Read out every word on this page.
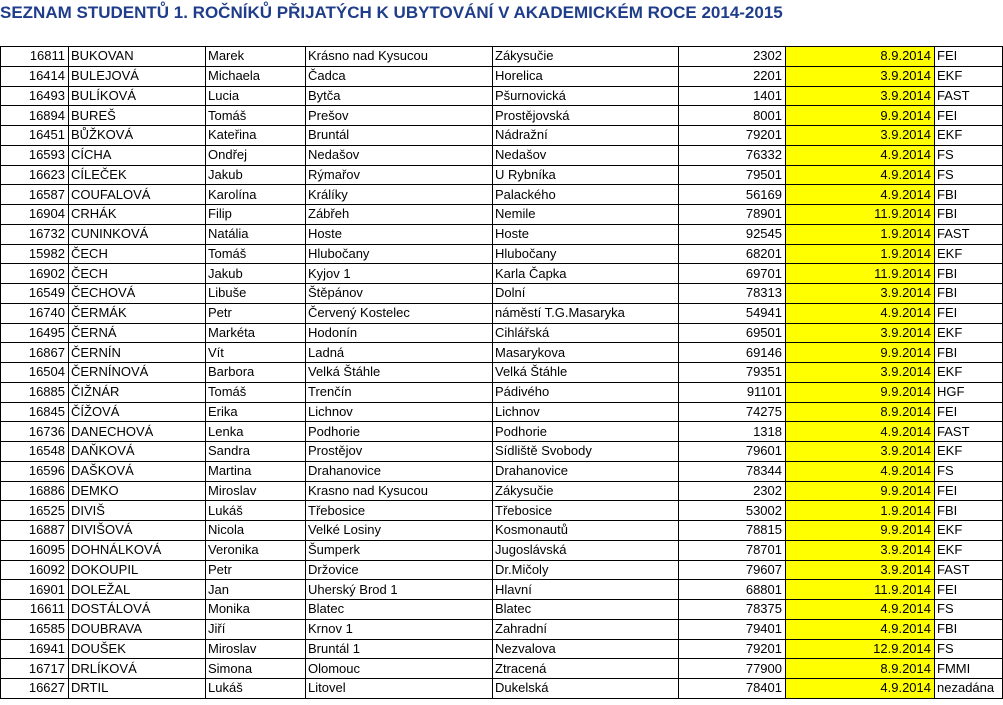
SEZNAM STUDENTŮ 1. ROČNÍKŮ PŘIJATÝCH K UBYTOVÁNÍ V AKADEMICKÉM ROCE 2014-2015
16811	BUKOVAN	Marek	Krásno nad Kysucou	Zákysučie	2302	8.9.2014	FEI
16414	BULEJOVÁ	Michaela	Čadca	Horelica	2201	3.9.2014	EKF
16493	BULÍKOVÁ	Lucia	Bytča	Pšurnovická	1401	3.9.2014	FAST
16894	BUREŠ	Tomáš	Prešov	Prostějovská	8001	9.9.2014	FEI
16451	BŮŽKOVÁ	Kateřina	Bruntál	Nádražní	79201	3.9.2014	EKF
16593	CÍCHA	Ondřej	Nedašov	Nedašov	76332	4.9.2014	FS
16623	CÍLEČEK	Jakub	Rýmařov	U Rybníka	79501	4.9.2014	FS
16587	COUFALOVÁ	Karolína	Králíky	Palackého	56169	4.9.2014	FBI
16904	CRHÁK	Filip	Zábřeh	Nemile	78901	11.9.2014	FBI
16732	CUNINKOVÁ	Natália	Hoste	Hoste	92545	1.9.2014	FAST
15982	ČECH	Tomáš	Hlubočany	Hlubočany	68201	1.9.2014	EKF
16902	ČECH	Jakub	Kyjov 1	Karla Čapka	69701	11.9.2014	FBI
16549	ČECHOVÁ	Libuše	Štěpánov	Dolní	78313	3.9.2014	FBI
16740	ČERMÁK	Petr	Červený Kostelec	náměstí T.G.Masaryka	54941	4.9.2014	FEI
16495	ČERNÁ	Markéta	Hodonín	Cihlářská	69501	3.9.2014	EKF
16867	ČERNÍN	Vít	Ladná	Masarykova	69146	9.9.2014	FBI
16504	ČERNÍNOVÁ	Barbora	Velká Štáhle	Velká Štáhle	79351	3.9.2014	EKF
16885	ČIŽNÁR	Tomáš	Trenčín	Pádivého	91101	9.9.2014	HGF
16845	ČÍŽOVÁ	Erika	Lichnov	Lichnov	74275	8.9.2014	FEI
16736	DANECHOVÁ	Lenka	Podhorie	Podhorie	1318	4.9.2014	FAST
16548	DAŇKOVÁ	Sandra	Prostějov	Sídliště Svobody	79601	3.9.2014	EKF
16596	DAŠKOVÁ	Martina	Drahanovice	Drahanovice	78344	4.9.2014	FS
16886	DEMKO	Miroslav	Krasno nad Kysucou	Zákysučie	2302	9.9.2014	FEI
16525	DIVIŠ	Lukáš	Třebosice	Třebosice	53002	1.9.2014	FBI
16887	DIVIŠOVÁ	Nicola	Velké Losiny	Kosmonautů	78815	9.9.2014	EKF
16095	DOHNÁLKOVÁ	Veronika	Šumperk	Jugoslávská	78701	3.9.2014	EKF
16092	DOKOUPIL	Petr	Držovice	Dr.Mičoly	79607	3.9.2014	FAST
16901	DOLEŽAL	Jan	Uherský Brod 1	Hlavní	68801	11.9.2014	FEI
16611	DOSTÁLOVÁ	Monika	Blatec	Blatec	78375	4.9.2014	FS
16585	DOUBRAVA	Jiří	Krnov 1	Zahradní	79401	4.9.2014	FBI
16941	DOUŠEK	Miroslav	Bruntál 1	Nezvalova	79201	12.9.2014	FS
16717	DRLÍKOVÁ	Simona	Olomouc	Ztracená	77900	8.9.2014	FMMI
16627	DRTIL	Lukáš	Litovel	Dukelská	78401	4.9.2014	nezadána
